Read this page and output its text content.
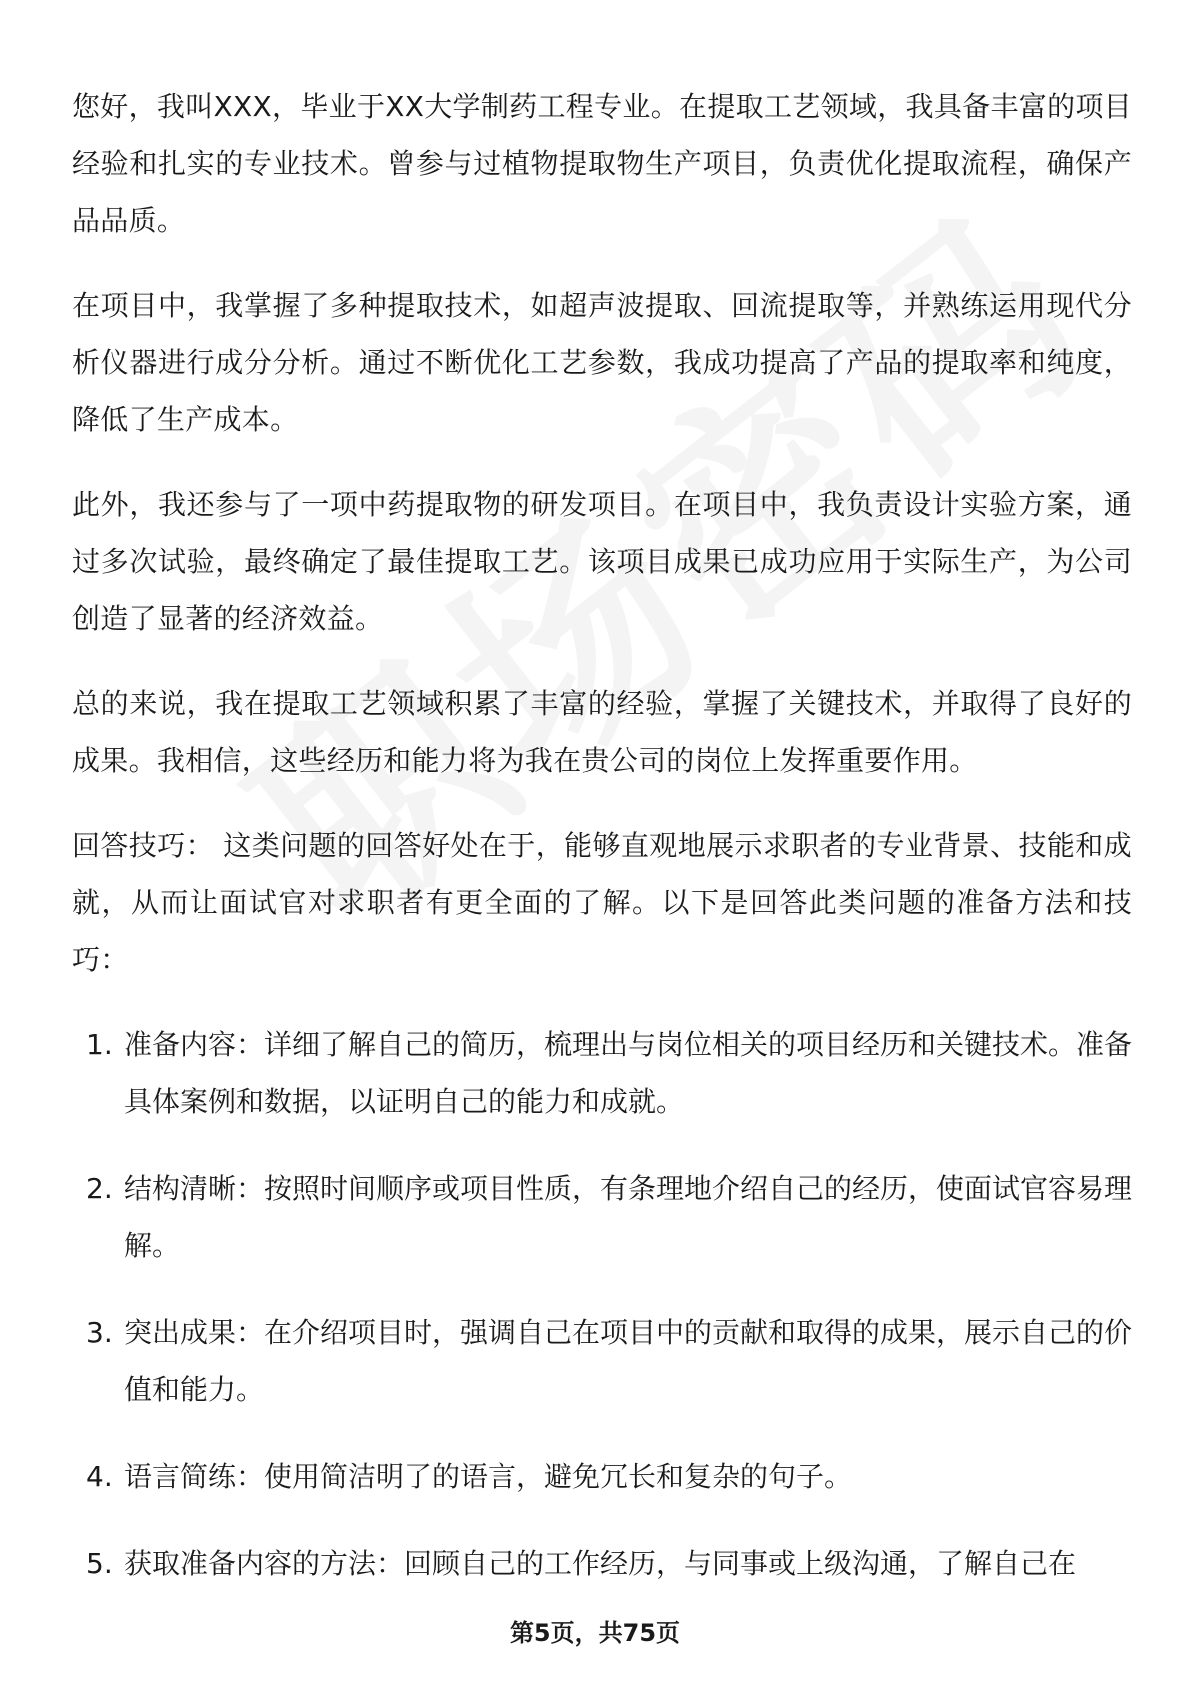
您好，我叫XXX，毕业于XX大学制药工程专业。在提取工艺领域，我具备丰富的项目经验和扎实的专业技术。曾参与过植物提取物生产项目，负责优化提取流程，确保产品品质。

在项目中，我掌握了多种提取技术，如超声波提取、回流提取等，并熟练运用现代分析仪器进行成分分析。通过不断优化工艺参数，我成功提高了产品的提取率和纯度，降低了生产成本。

此外，我还参与了一项中药提取物的研发项目。在项目中，我负责设计实验方案，通过多次试验，最终确定了最佳提取工艺。该项目成果已成功应用于实际生产，为公司创造了显著的经济效益。

总的来说，我在提取工艺领域积累了丰富的经验，掌握了关键技术，并取得了良好的成果。我相信，这些经历和能力将为我在贵公司的岗位上发挥重要作用。

回答技巧： 这类问题的回答好处在于，能够直观地展示求职者的专业背景、技能和成就，从而让面试官对求职者有更全面的了解。以下是回答此类问题的准备方法和技巧：

1. 准备内容：详细了解自己的简历，梳理出与岗位相关的项目经历和关键技术。准备具体案例和数据，以证明自己的能力和成就。
2. 结构清晰：按照时间顺序或项目性质，有条理地介绍自己的经历，使面试官容易理解。
3. 突出成果：在介绍项目时，强调自己在项目中的贡献和取得的成果，展示自己的价值和能力。
4. 语言简练：使用简洁明了的语言，避免冗长和复杂的句子。
5. 获取准备内容的方法：回顾自己的工作经历，与同事或上级沟通，了解自己在
第5页，共75页
